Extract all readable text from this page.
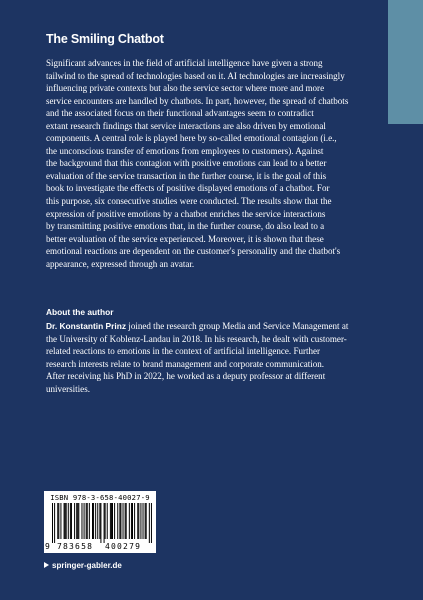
The Smiling Chatbot
Significant advances in the field of artificial intelligence have given a strong
tailwind to the spread of technologies based on it. AI technologies are increasingly
influencing private contexts but also the service sector where more and more
service encounters are handled by chatbots. In part, however, the spread of chatbots
and the associated focus on their functional advantages seem to contradict
extant research findings that service interactions are also driven by emotional
components. A central role is played here by so-called emotional contagion (i.e.,
the unconscious transfer of emotions from employees to customers). Against
the background that this contagion with positive emotions can lead to a better
evaluation of the service transaction in the further course, it is the goal of this
book to investigate the effects of positive displayed emotions of a chatbot. For
this purpose, six consecutive studies were conducted. The results show that the
expression of positive emotions by a chatbot enriches the service interactions
by transmitting positive emotions that, in the further course, do also lead to a
better evaluation of the service experienced. Moreover, it is shown that these
emotional reactions are dependent on the customer's personality and the chatbot's
appearance, expressed through an avatar.
About the author
Dr. Konstantin Prinz joined the research group Media and Service Management at
the University of Koblenz-Landau in 2018. In his research, he dealt with customer-
related reactions to emotions in the context of artificial intelligence. Further
research interests relate to brand management and corporate communication.
After receiving his PhD in 2022, he worked as a deputy professor at different
universities.
ISBN 978-3-658-40027-9
9 783658 400279
springer-gabler.de
